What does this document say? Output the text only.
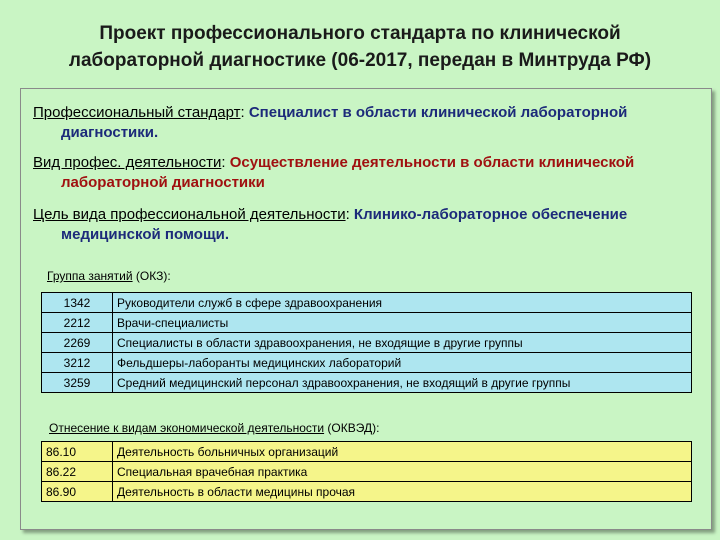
Проект профессионального стандарта по клинической
лабораторной диагностике (06-2017, передан в Минтруда РФ)
Профессиональный стандарт: Специалист в области клинической лабораторной диагностики.
Вид профес. деятельности: Осуществление деятельности в области клинической лабораторной диагностики
Цель вида профессиональной деятельности: Клинико-лабораторное обеспечение медицинской помощи.
Группа занятий (ОКЗ):
1342	Руководители служб в сфере здравоохранения
2212	Врачи-специалисты
2269	Специалисты в области здравоохранения, не входящие в другие группы
3212	Фельдшеры-лаборанты медицинских лабораторий
3259	Средний медицинский персонал здравоохранения, не входящий в другие группы
Отнесение к видам экономической деятельности (ОКВЭД):
86.10	Деятельность больничных организаций
86.22	Специальная врачебная практика
86.90	Деятельность в области медицины прочая
